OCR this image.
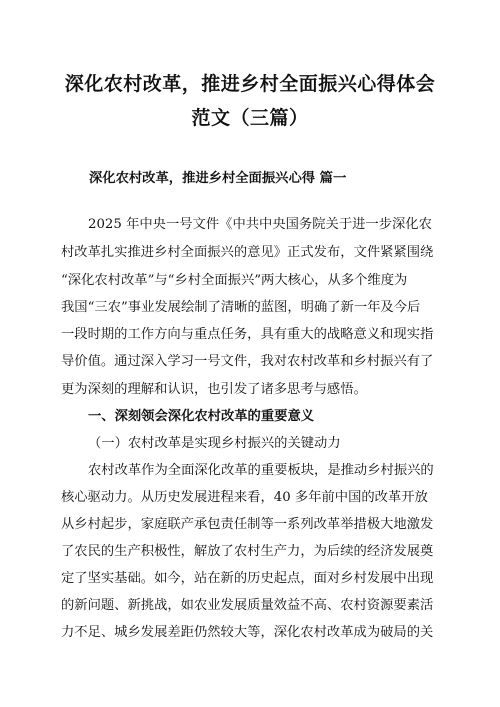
深化农村改革，推进乡村全面振兴心得体会
范文（三篇）
深化农村改革，推进乡村全面振兴心得 篇一
2025 年中央一号文件《中共中央国务院关于进一步深化农
村改革扎实推进乡村全面振兴的意见》正式发布，文件紧紧围绕
“深化农村改革”与“乡村全面振兴”两大核心，从多个维度为
我国“三农”事业发展绘制了清晰的蓝图，明确了新一年及今后
一段时期的工作方向与重点任务，具有重大的战略意义和现实指
导价值。通过深入学习一号文件，我对农村改革和乡村振兴有了
更为深刻的理解和认识，也引发了诸多思考与感悟。
一、深刻领会深化农村改革的重要意义
（一）农村改革是实现乡村振兴的关键动力
农村改革作为全面深化改革的重要板块，是推动乡村振兴的
核心驱动力。从历史发展进程来看，40 多年前中国的改革开放
从乡村起步，家庭联产承包责任制等一系列改革举措极大地激发
了农民的生产积极性，解放了农村生产力，为后续的经济发展奠
定了坚实基础。如今，站在新的历史起点，面对乡村发展中出现
的新问题、新挑战，如农业发展质量效益不高、农村资源要素活
力不足、城乡发展差距仍然较大等，深化农村改革成为破局的关
